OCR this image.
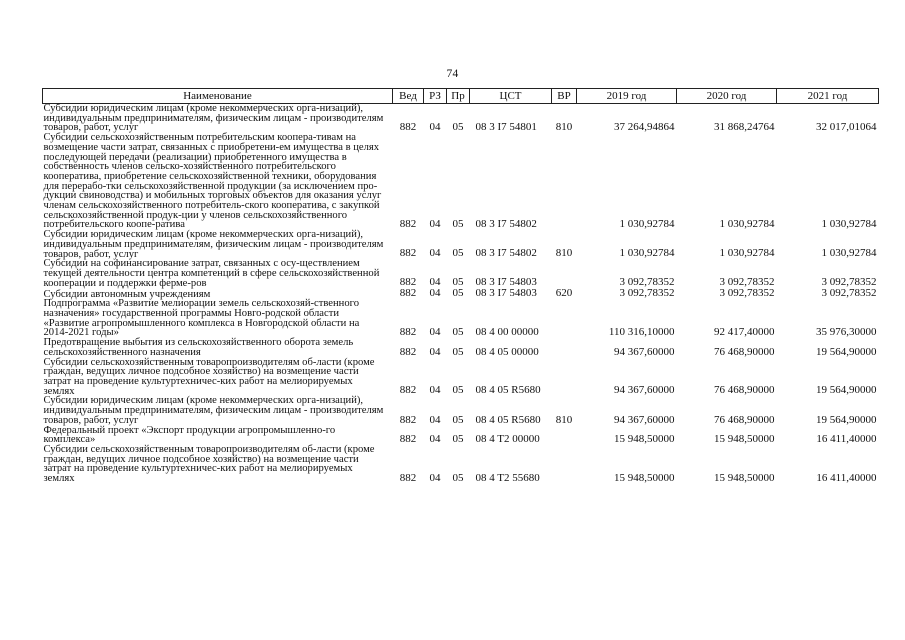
74
Наименование	Вед	РЗ	Пр	ЦСТ	ВР	2019 год	2020 год	2021 год
Субсидии юридическим лицам (кроме некоммерческих орга-низаций), индивидуальным предпринимателям, физическим лицам - производителям товаров, работ, услуг	882	04	05	08 3 I7 54801	810	37 264,94864	31 868,24764	32 017,01064
Субсидии сельскохозяйственным потребительским коопера-тивам на возмещение части затрат, связанных с приобретени-ем имущества в целях последующей передачи (реализации) приобретенного имущества в собственность членов сельско-хозяйственного потребительского кооператива, приобретение сельскохозяйственной техники, оборудования для перерабо-тки сельскохозяйственной продукции (за исключением про-дукции свиноводства) и мобильных торговых объектов для оказания услуг членам сельскохозяйственного потребитель-ского кооператива, с закупкой сельскохозяйственной продук-ции у членов сельскохозяйственного потребительского коопе-ратива	882	04	05	08 3 I7 54802		1 030,92784	1 030,92784	1 030,92784
Субсидии юридическим лицам (кроме некоммерческих орга-низаций), индивидуальным предпринимателям, физическим лицам - производителям товаров, работ, услуг	882	04	05	08 3 I7 54802	810	1 030,92784	1 030,92784	1 030,92784
Субсидии на софинансирование затрат, связанных с осу-ществлением текущей деятельности центра компетенций в сфере сельскохозяйственной кооперации и поддержки ферме-ров	882	04	05	08 3 I7 54803		3 092,78352	3 092,78352	3 092,78352
Субсидии автономным учреждениям	882	04	05	08 3 I7 54803	620	3 092,78352	3 092,78352	3 092,78352
Подпрограмма «Развитие мелиорации земель сельскохозяй-ственного назначения» государственной программы Новго-родской области «Развитие агропромышленного комплекса в Новгородской области на 2014-2021 годы»	882	04	05	08 4 00 00000		110 316,10000	92 417,40000	35 976,30000
Предотвращение выбытия из сельскохозяйственного оборота земель сельскохозяйственного назначения	882	04	05	08 4 05 00000		94 367,60000	76 468,90000	19 564,90000
Субсидии сельскохозяйственным товаропроизводителям об-ласти (кроме граждан, ведущих личное подсобное хозяйство) на возмещение части затрат на проведение культуртехничес-ких работ на мелиорируемых землях	882	04	05	08 4 05 R5680		94 367,60000	76 468,90000	19 564,90000
Субсидии юридическим лицам (кроме некоммерческих орга-низаций), индивидуальным предпринимателям, физическим лицам - производителям товаров, работ, услуг	882	04	05	08 4 05 R5680	810	94 367,60000	76 468,90000	19 564,90000
Федеральный проект «Экспорт продукции агропромышленно-го комплекса»	882	04	05	08 4 T2 00000		15 948,50000	15 948,50000	16 411,40000
Субсидии сельскохозяйственным товаропроизводителям об-ласти (кроме граждан, ведущих личное подсобное хозяйство) на возмещение части затрат на проведение культуртехничес-ких работ на мелиорируемых землях	882	04	05	08 4 T2 55680		15 948,50000	15 948,50000	16 411,40000
